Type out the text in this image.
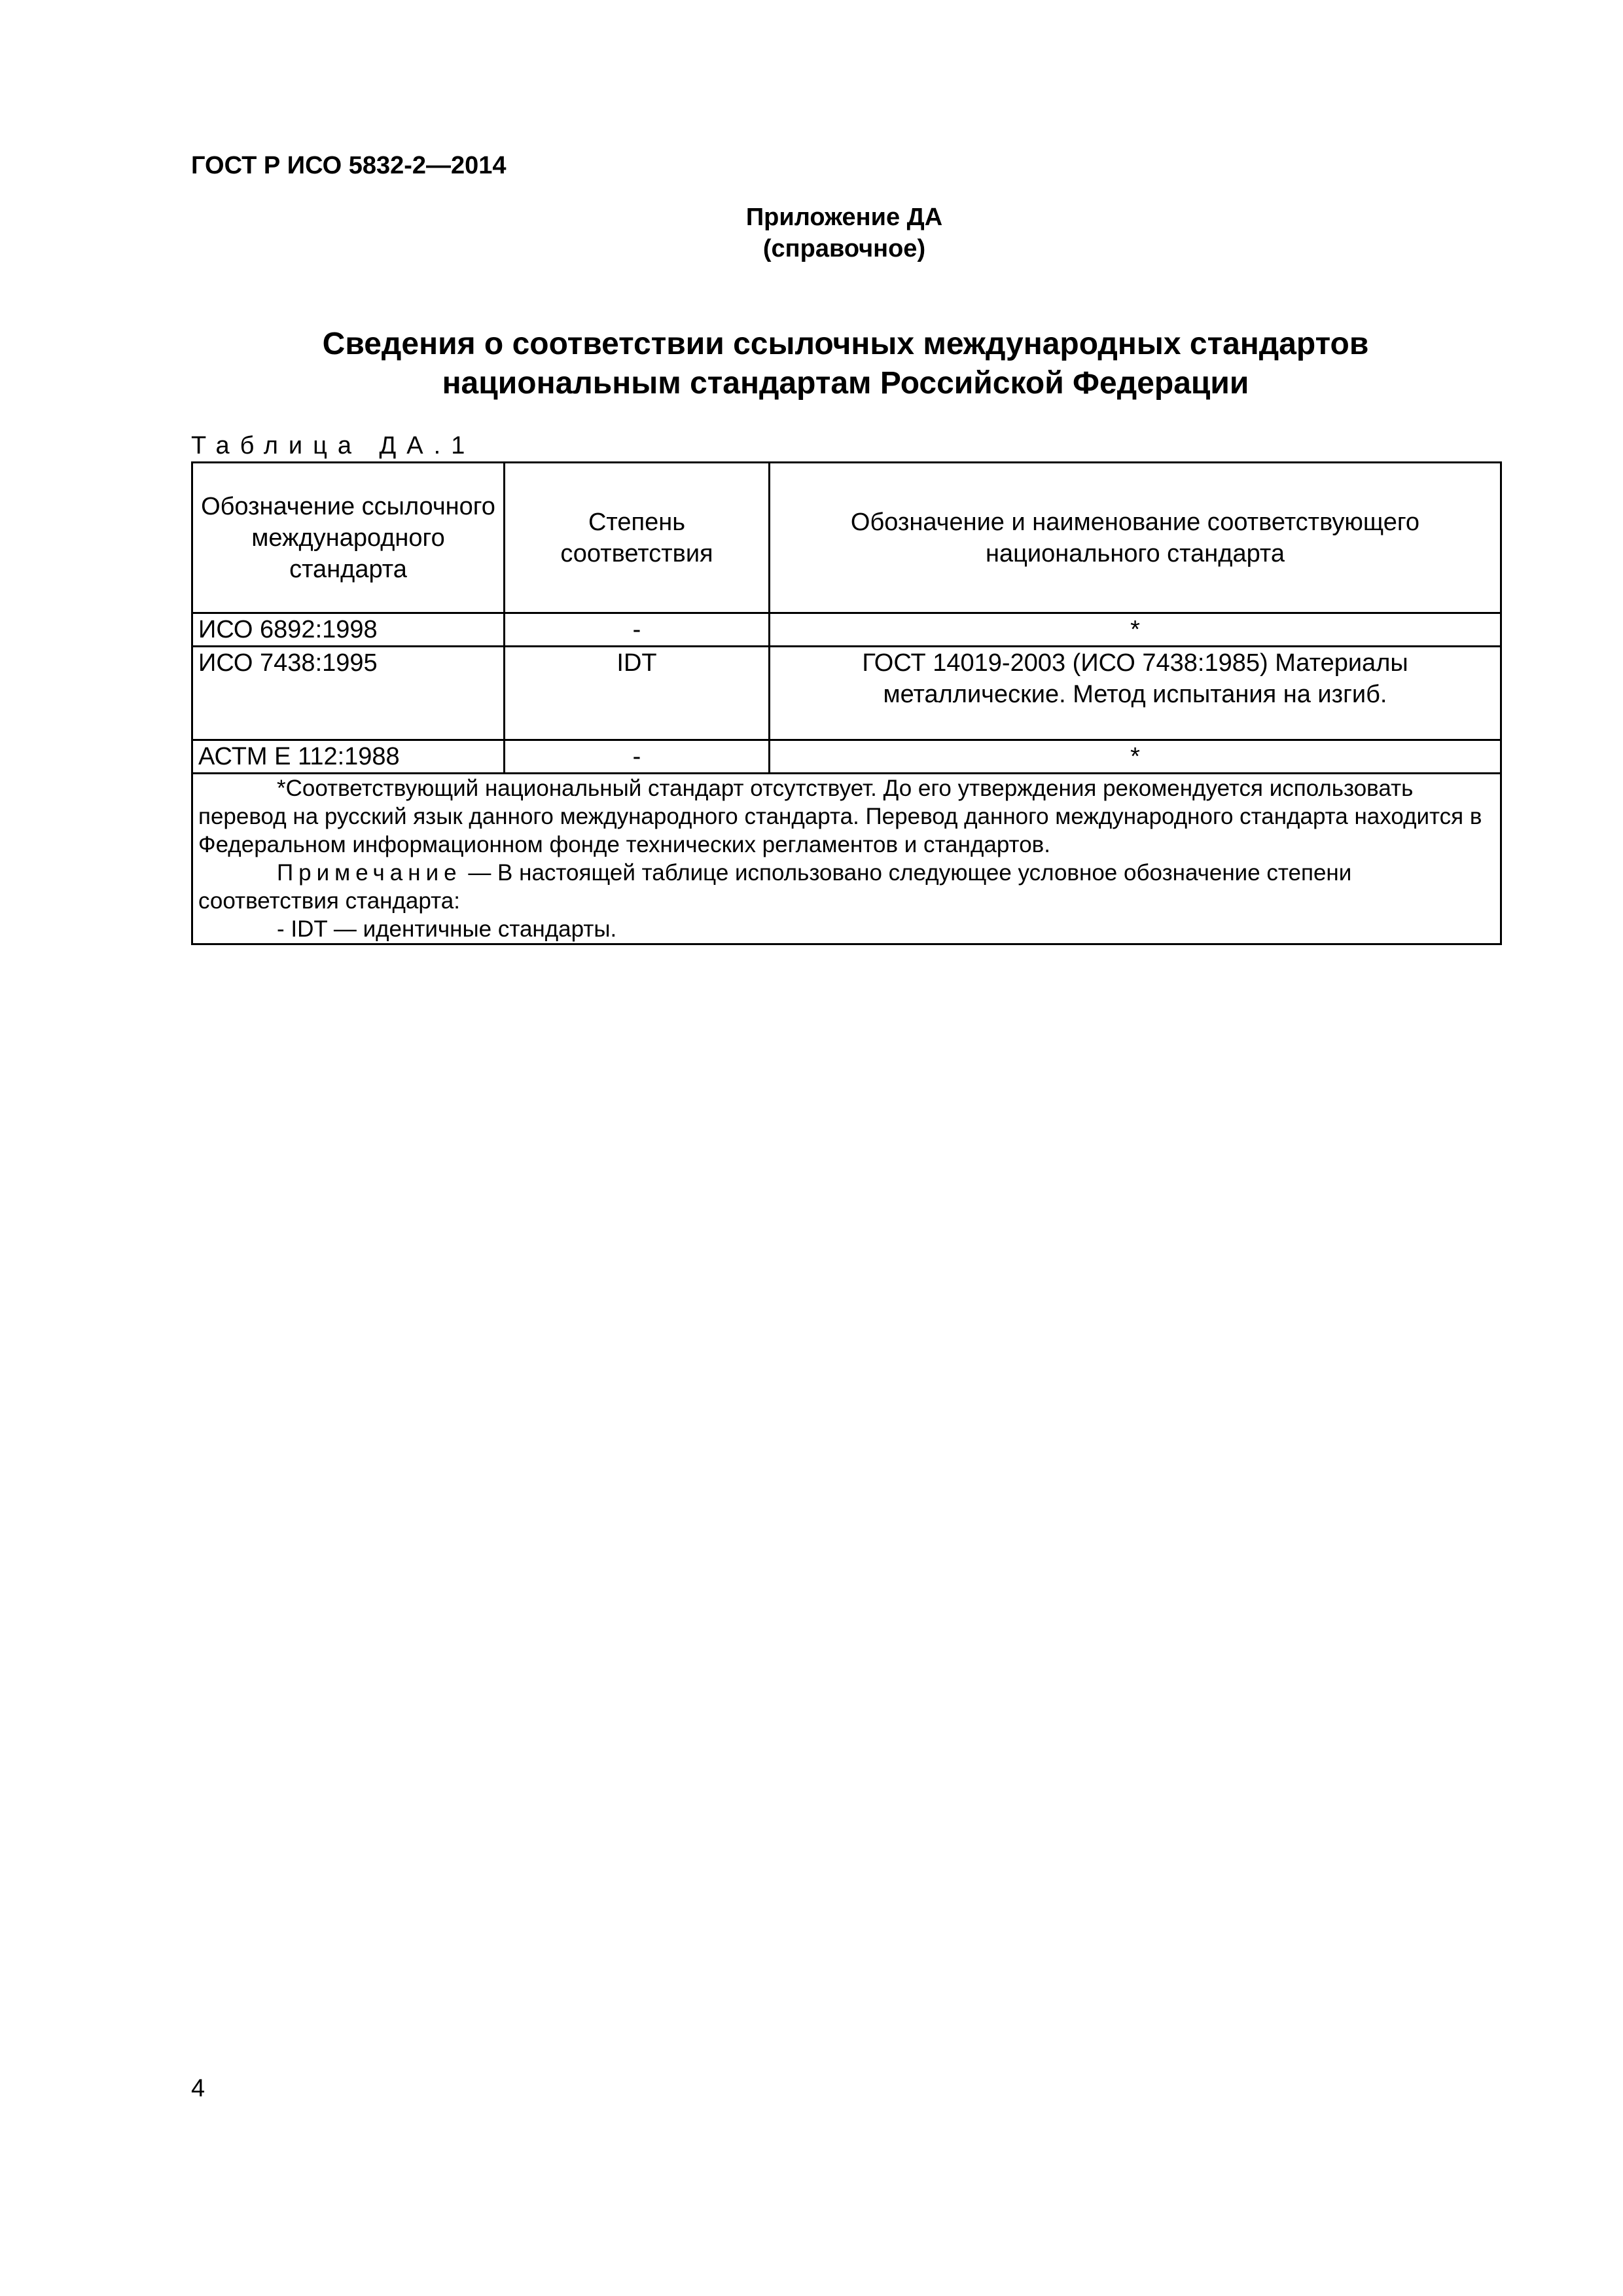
ГОСТ Р ИСО 5832-2—2014
Приложение ДА
(справочное)
Сведения о соответствии ссылочных международных стандартов
национальным стандартам Российской Федерации
Таблица ДА.1
Обозначение ссылочного международного стандарта	Степень соответствия	Обозначение и наименование соответствующего национального стандарта
ИСО 6892:1998	-	*
ИСО 7438:1995	IDT	ГОСТ 14019-2003 (ИСО 7438:1985) Материалы металлические. Метод испытания на изгиб.
АСТМ Е 112:1988	-	*

*Соответствующий национальный стандарт отсутствует. До его утверждения рекомендуется использовать перевод на русский язык данного международного стандарта. Перевод данного международного стандарта находится в Федеральном информационном фонде технических регламентов и стандартов.
Примечание — В настоящей таблице использовано следующее условное обозначение степени соответствия стандарта:
- IDT — идентичные стандарты.		
4
